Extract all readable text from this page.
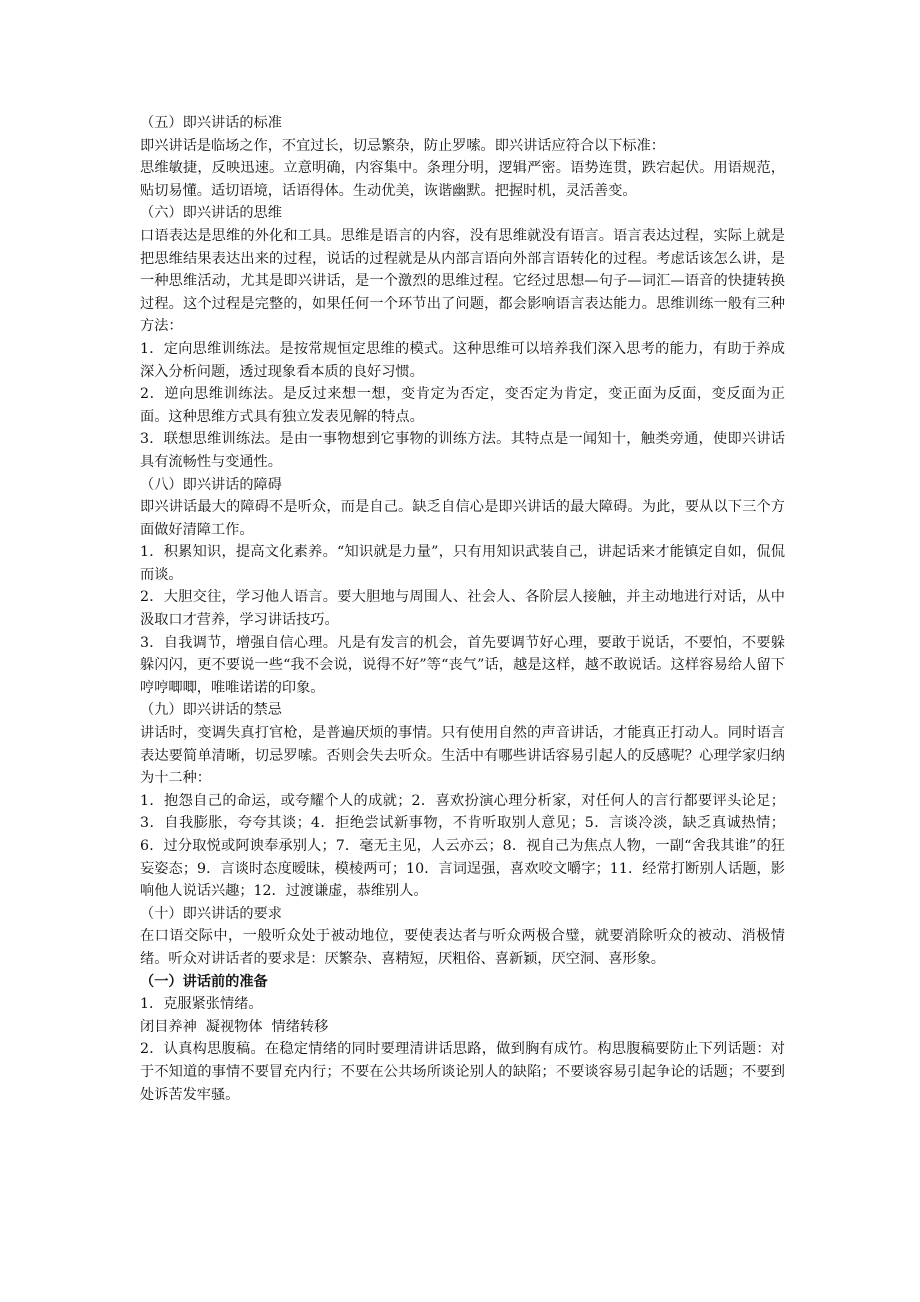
（五）即兴讲话的标准

即兴讲话是临场之作，不宜过长，切忌繁杂，防止罗嗦。即兴讲话应符合以下标准：

思维敏捷，反映迅速。立意明确，内容集中。条理分明，逻辑严密。语势连贯，跌宕起伏。用语规范，贴切易懂。适切语境，话语得体。生动优美，诙谐幽默。把握时机，灵活善变。

（六）即兴讲话的思维

口语表达是思维的外化和工具。思维是语言的内容，没有思维就没有语言。语言表达过程，实际上就是把思维结果表达出来的过程，说话的过程就是从内部言语向外部言语转化的过程。考虑话该怎么讲，是一种思维活动，尤其是即兴讲话，是一个激烈的思维过程。它经过思想—句子—词汇—语音的快捷转换过程。这个过程是完整的，如果任何一个环节出了问题，都会影响语言表达能力。思维训练一般有三种方法：

1．定向思维训练法。是按常规恒定思维的模式。这种思维可以培养我们深入思考的能力，有助于养成深入分析问题，透过现象看本质的良好习惯。

2．逆向思维训练法。是反过来想一想，变肯定为否定，变否定为肯定，变正面为反面，变反面为正面。这种思维方式具有独立发表见解的特点。

3．联想思维训练法。是由一事物想到它事物的训练方法。其特点是一闻知十，触类旁通，使即兴讲话具有流畅性与变通性。

（八）即兴讲话的障碍

即兴讲话最大的障碍不是听众，而是自己。缺乏自信心是即兴讲话的最大障碍。为此，要从以下三个方面做好清障工作。

1．积累知识，提高文化素养。“知识就是力量”，只有用知识武装自己，讲起话来才能镇定自如，侃侃而谈。

2．大胆交往，学习他人语言。要大胆地与周围人、社会人、各阶层人接触，并主动地进行对话，从中汲取口才营养，学习讲话技巧。

3．自我调节，增强自信心理。凡是有发言的机会，首先要调节好心理，要敢于说话，不要怕，不要躲躲闪闪，更不要说一些“我不会说，说得不好”等“丧气”话，越是这样，越不敢说话。这样容易给人留下哼哼唧唧，唯唯诺诺的印象。

（九）即兴讲话的禁忌

讲话时，变调失真打官枪，是普遍厌烦的事情。只有使用自然的声音讲话，才能真正打动人。同时语言表达要简单清晰，切忌罗嗦。否则会失去听众。生活中有哪些讲话容易引起人的反感呢？心理学家归纳为十二种：

1．抱怨自己的命运，或夸耀个人的成就；2．喜欢扮演心理分析家，对任何人的言行都要评头论足；3．自我膨胀，夸夸其谈；4．拒绝尝试新事物，不肯听取别人意见；5．言谈冷淡，缺乏真诚热情；6．过分取悦或阿谀奉承别人；7．毫无主见，人云亦云；8．视自己为焦点人物，一副“舍我其谁”的狂妄姿态；9．言谈时态度暧昧，模棱两可；10．言词逞强，喜欢咬文嚼字；11．经常打断别人话题，影响他人说话兴趣；12．过渡谦虚，恭维别人。

（十）即兴讲话的要求

在口语交际中，一般听众处于被动地位，要使表达者与听众两极合璧，就要消除听众的被动、消极情绪。听众对讲话者的要求是：厌繁杂、喜精短，厌粗俗、喜新颖，厌空洞、喜形象。

（一）讲话前的准备

1．克服紧张情绪。

闭目养神  凝视物体  情绪转移

2．认真构思腹稿。在稳定情绪的同时要理清讲话思路，做到胸有成竹。构思腹稿要防止下列话题：对于不知道的事情不要冒充内行；不要在公共场所谈论别人的缺陷；不要谈容易引起争论的话题；不要到处诉苦发牢骚。
